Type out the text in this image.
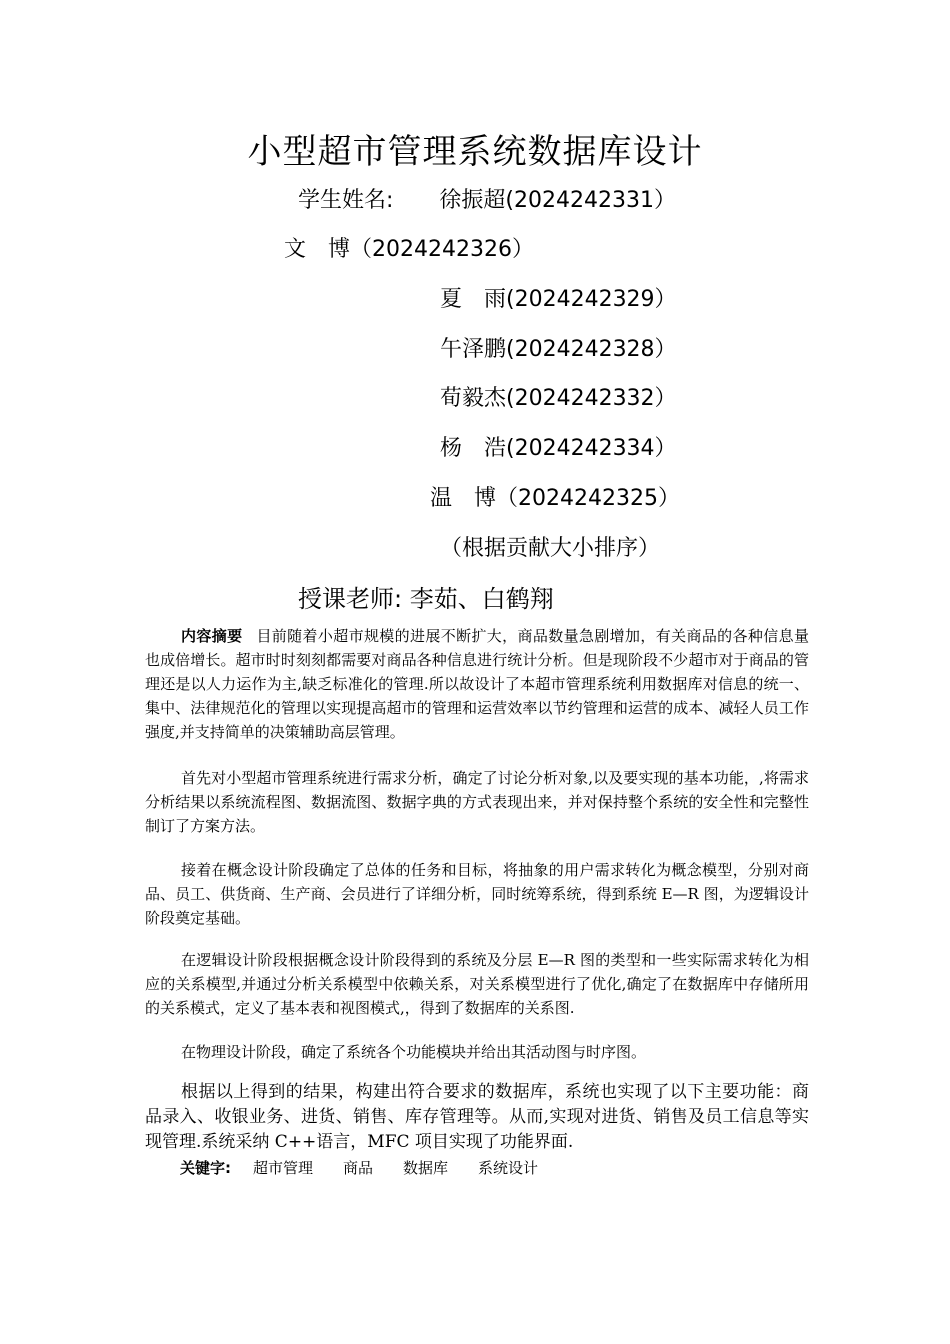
小型超市管理系统数据库设计
学生姓名: 徐振超(2024242331）
文　博（2024242326）
夏　雨(2024242329）
午泽鹏(2024242328）
荀毅杰(2024242332）
杨　浩(2024242334）
温　博（2024242325）
（根据贡献大小排序）
授课老师: 李茹、白鹤翔
内容摘要 目前随着小超市规模的进展不断扩大，商品数量急剧增加，有关商品的各种信息量也成倍增长。超市时时刻刻都需要对商品各种信息进行统计分析。但是现阶段不少超市对于商品的管理还是以人力运作为主,缺乏标准化的管理.所以故设计了本超市管理系统利用数据库对信息的统一、集中、法律规范化的管理以实现提高超市的管理和运营效率以节约管理和运营的成本、减轻人员工作强度,并支持简单的决策辅助高层管理。
首先对小型超市管理系统进行需求分析，确定了讨论分析对象,以及要实现的基本功能，,将需求分析结果以系统流程图、数据流图、数据字典的方式表现出来，并对保持整个系统的安全性和完整性制订了方案方法。
接着在概念设计阶段确定了总体的任务和目标，将抽象的用户需求转化为概念模型，分别对商品、员工、供货商、生产商、会员进行了详细分析，同时统筹系统，得到系统 E—R 图，为逻辑设计阶段奠定基础。
在逻辑设计阶段根据概念设计阶段得到的系统及分层 E—R 图的类型和一些实际需求转化为相应的关系模型,并通过分析关系模型中依赖关系，对关系模型进行了优化,确定了在数据库中存储所用的关系模式，定义了基本表和视图模式,，得到了数据库的关系图.
在物理设计阶段，确定了系统各个功能模块并给出其活动图与时序图。
根据以上得到的结果，构建出符合要求的数据库，系统也实现了以下主要功能：商品录入、收银业务、进货、销售、库存管理等。从而,实现对进货、销售及员工信息等实现管理.系统采纳 C++语言，MFC 项目实现了功能界面.
关键字: 超市管理 商品 数据库 系统设计
